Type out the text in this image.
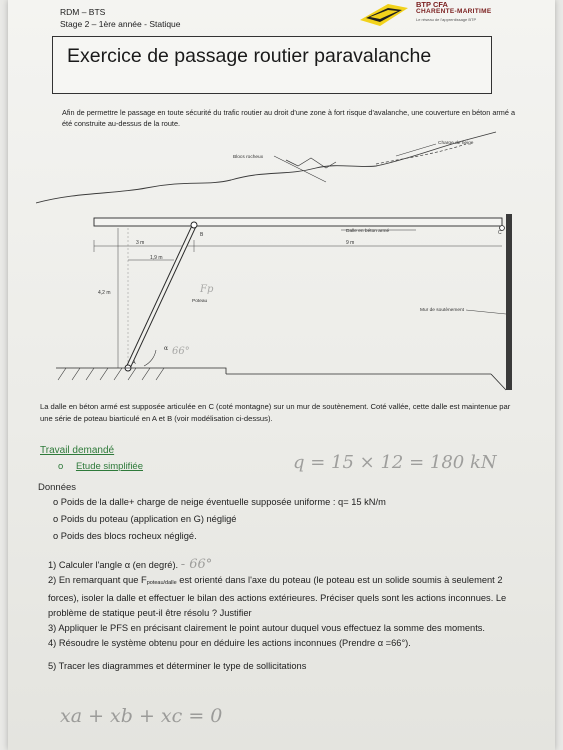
RDM – BTS
Stage 2 – 1ère année - Statique
BTP CFA
CHARENTE-MARITIME
Le réseau de l'apprentissage BTP
Exercice de passage routier paravalanche
Afin de permettre le passage en toute sécurité du trafic routier au droit d'une zone à fort risque d'avalanche, une couverture en béton armé a été construite au-dessus de la route.
Blocs rocheux
Charge de neige
Dalle en béton armé	C
Mur de soutènement
3 m	9 m
1,9 m
4,2 m
B
Poteau
A
α
Fp
66°
La dalle en béton armé est supposée articulée en C (coté montagne) sur un mur de soutènement. Coté vallée, cette dalle est maintenue par une série de poteau biarticulé en A et B (voir modélisation ci-dessus).
Travail demandé
o Etude simplifiée	q = 15 × 12 = 180 kN
Données
o Poids de la dalle+ charge de neige éventuelle supposée uniforme : q= 15 kN/m
o Poids du poteau (application en G) négligé
o Poids des blocs rocheux négligé.
1) Calculer l'angle α (en degré). - 66°
2) En remarquant que Fpoteau/dalle est orienté dans l'axe du poteau (le poteau est un solide soumis à seulement 2 forces), isoler la dalle et effectuer le bilan des actions extérieures. Préciser quels sont les actions inconnues. Le problème de statique peut-il être résolu ? Justifier
3) Appliquer le PFS en précisant clairement le point autour duquel vous effectuez la somme des moments.
4) Résoudre le système obtenu pour en déduire les actions inconnues (Prendre α =66°).
5) Tracer les diagrammes et déterminer le type de sollicitations
xa + xb + xc = 0
